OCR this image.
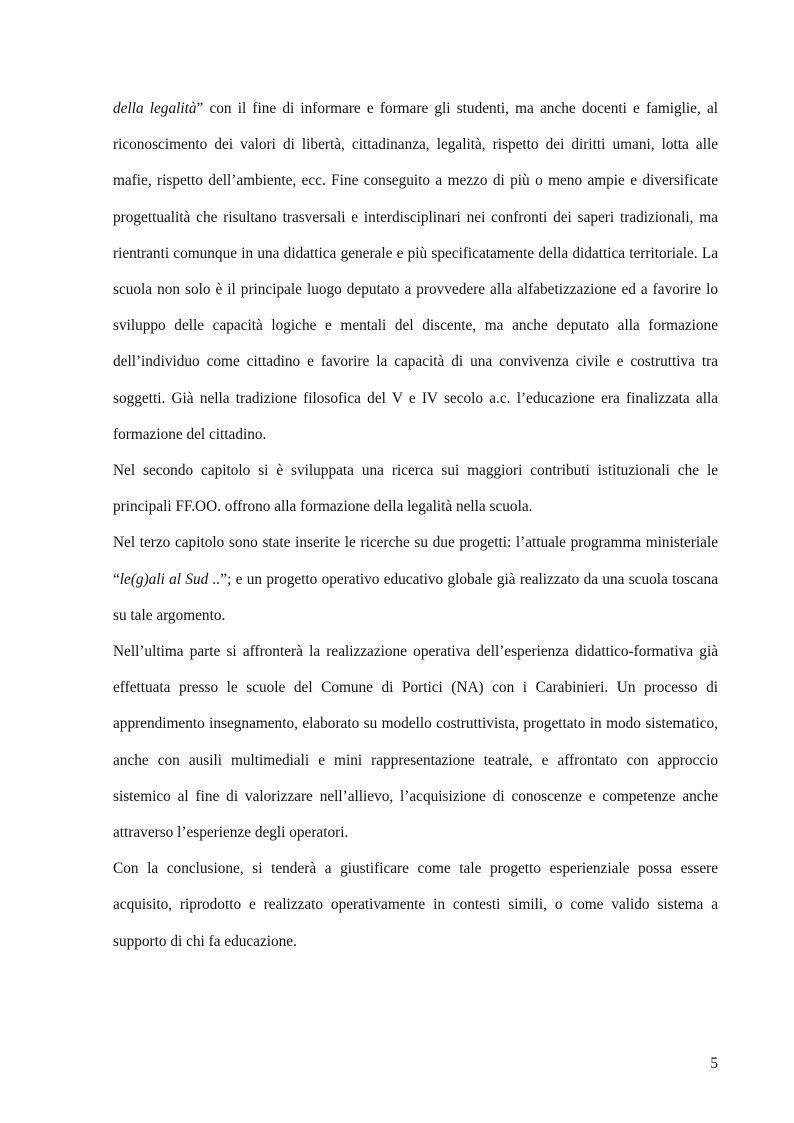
della legalità” con il fine di informare e formare gli studenti, ma anche docenti e famiglie, al riconoscimento dei valori di libertà, cittadinanza, legalità, rispetto dei diritti umani, lotta alle mafie, rispetto dell’ambiente, ecc. Fine conseguito a mezzo di più o meno ampie e diversificate progettualità che risultano trasversali e interdisciplinari nei confronti dei saperi tradizionali, ma rientranti comunque in una didattica generale e più specificatamente della didattica territoriale. La scuola non solo è il principale luogo deputato a provvedere alla alfabetizzazione ed a favorire lo sviluppo delle capacità logiche e mentali del discente, ma anche deputato alla formazione dell’individuo come cittadino e favorire la capacità di una convivenza civile e costruttiva tra soggetti. Già nella tradizione filosofica del V e IV secolo a.c. l’educazione era finalizzata alla formazione del cittadino.

Nel secondo capitolo si è sviluppata una ricerca sui maggiori contributi istituzionali che le principali FF.OO. offrono alla formazione della legalità nella scuola.

Nel terzo capitolo sono state inserite le ricerche su due progetti: l’attuale programma ministeriale “le(g)ali al Sud ..”; e un progetto operativo educativo globale già realizzato da una scuola toscana su tale argomento.

Nell’ultima parte si affronterà la realizzazione operativa dell’esperienza didattico-formativa già effettuata presso le scuole del Comune di Portici (NA) con i Carabinieri. Un processo di apprendimento insegnamento, elaborato su modello costruttivista, progettato in modo sistematico, anche con ausili multimediali e mini rappresentazione teatrale, e affrontato con approccio sistemico al fine di valorizzare nell’allievo, l’acquisizione di conoscenze e competenze anche attraverso l’esperienze degli operatori.

Con la conclusione, si tenderà a giustificare come tale progetto esperienziale possa essere acquisito, riprodotto e realizzato operativamente in contesti simili, o come valido sistema a supporto di chi fa educazione.

5
